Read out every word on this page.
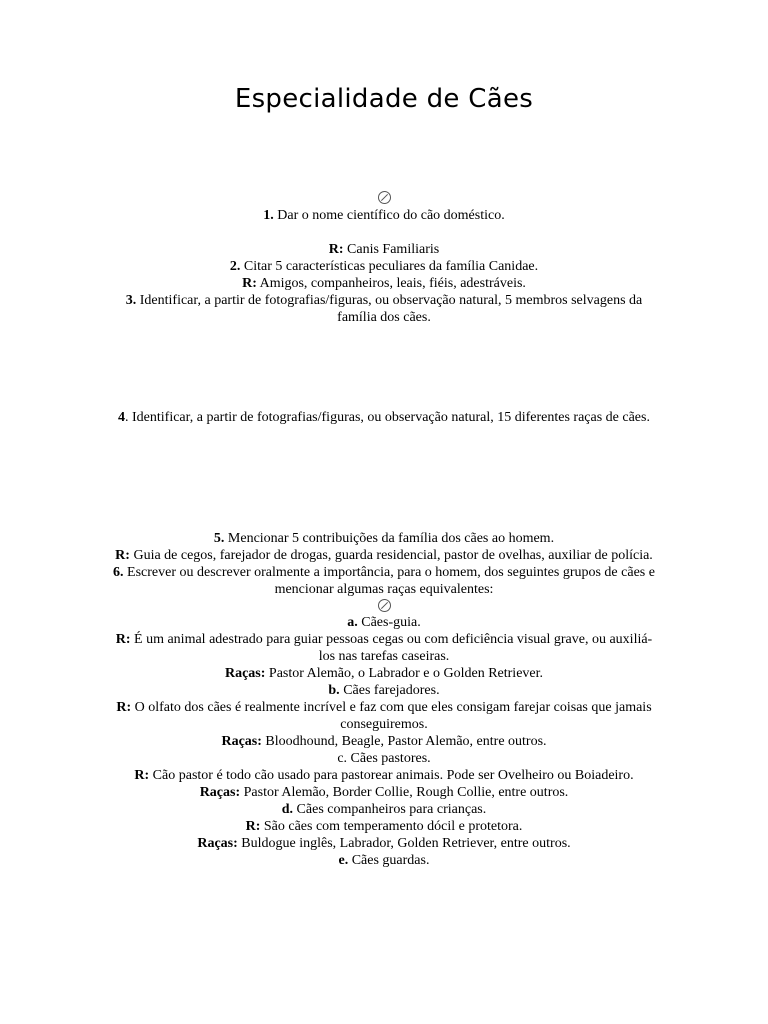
Especialidade de Cães

1. Dar o nome científico do cão doméstico.

R: Canis Familiaris

2. Citar 5 características peculiares da família Canidae.

R: Amigos, companheiros, leais, fiéis, adestráveis.

3. Identificar, a partir de fotografias/figuras, ou observação natural, 5 membros selvagens da família dos cães.

4. Identificar, a partir de fotografias/figuras, ou observação natural, 15 diferentes raças de cães.

5. Mencionar 5 contribuições da família dos cães ao homem.

R: Guia de cegos, farejador de drogas, guarda residencial, pastor de ovelhas, auxiliar de polícia.

6. Escrever ou descrever oralmente a importância, para o homem, dos seguintes grupos de cães e mencionar algumas raças equivalentes:

a. Cães-guia.

R: É um animal adestrado para guiar pessoas cegas ou com deficiência visual grave, ou auxiliá-los nas tarefas caseiras.

Raças: Pastor Alemão, o Labrador e o Golden Retriever.

b. Cães farejadores.

R: O olfato dos cães é realmente incrível e faz com que eles consigam farejar coisas que jamais conseguiremos.

Raças: Bloodhound, Beagle, Pastor Alemão, entre outros.

c. Cães pastores.

R: Cão pastor é todo cão usado para pastorear animais. Pode ser Ovelheiro ou Boiadeiro.

Raças: Pastor Alemão, Border Collie, Rough Collie, entre outros.

d. Cães companheiros para crianças.

R: São cães com temperamento dócil e protetora.

Raças: Buldogue inglês, Labrador, Golden Retriever, entre outros.

e. Cães guardas.
